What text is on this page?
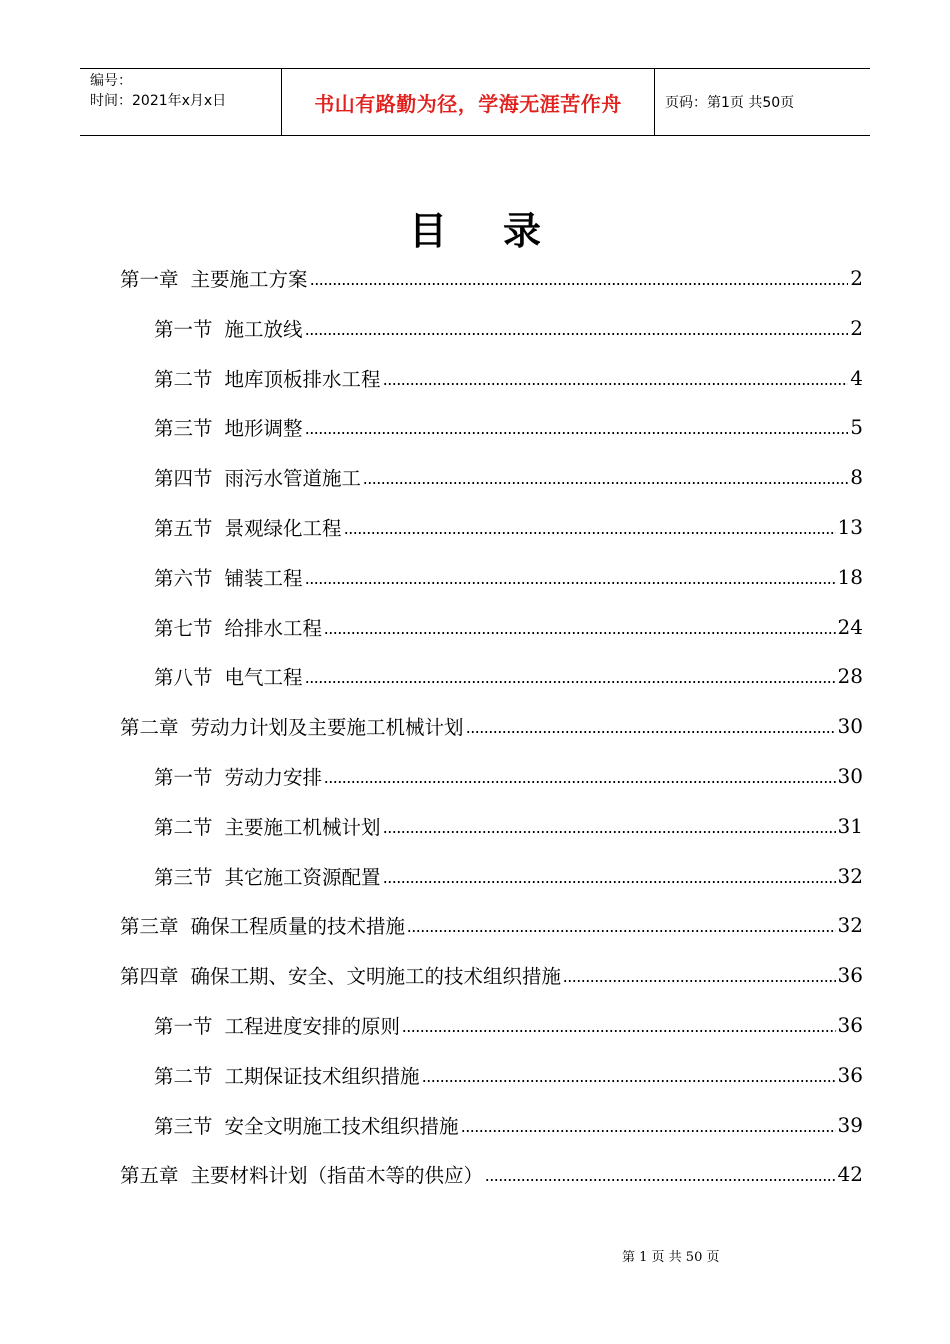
编号：
时间：2021年x月x日	书山有路勤为径，学海无涯苦作舟	页码：第1页 共50页
目 录
第一章 主要施工方案	2
第一节 施工放线	2
第二节 地库顶板排水工程	4
第三节 地形调整	5
第四节 雨污水管道施工	8
第五节 景观绿化工程	13
第六节 铺装工程	18
第七节 给排水工程	24
第八节 电气工程	28
第二章 劳动力计划及主要施工机械计划	30
第一节 劳动力安排	30
第二节 主要施工机械计划	31
第三节 其它施工资源配置	32
第三章 确保工程质量的技术措施	32
第四章 确保工期、安全、文明施工的技术组织措施	36
第一节 工程进度安排的原则	36
第二节 工期保证技术组织措施	36
第三节 安全文明施工技术组织措施	39
第五章 主要材料计划（指苗木等的供应）	42
第 1 页 共 50 页
